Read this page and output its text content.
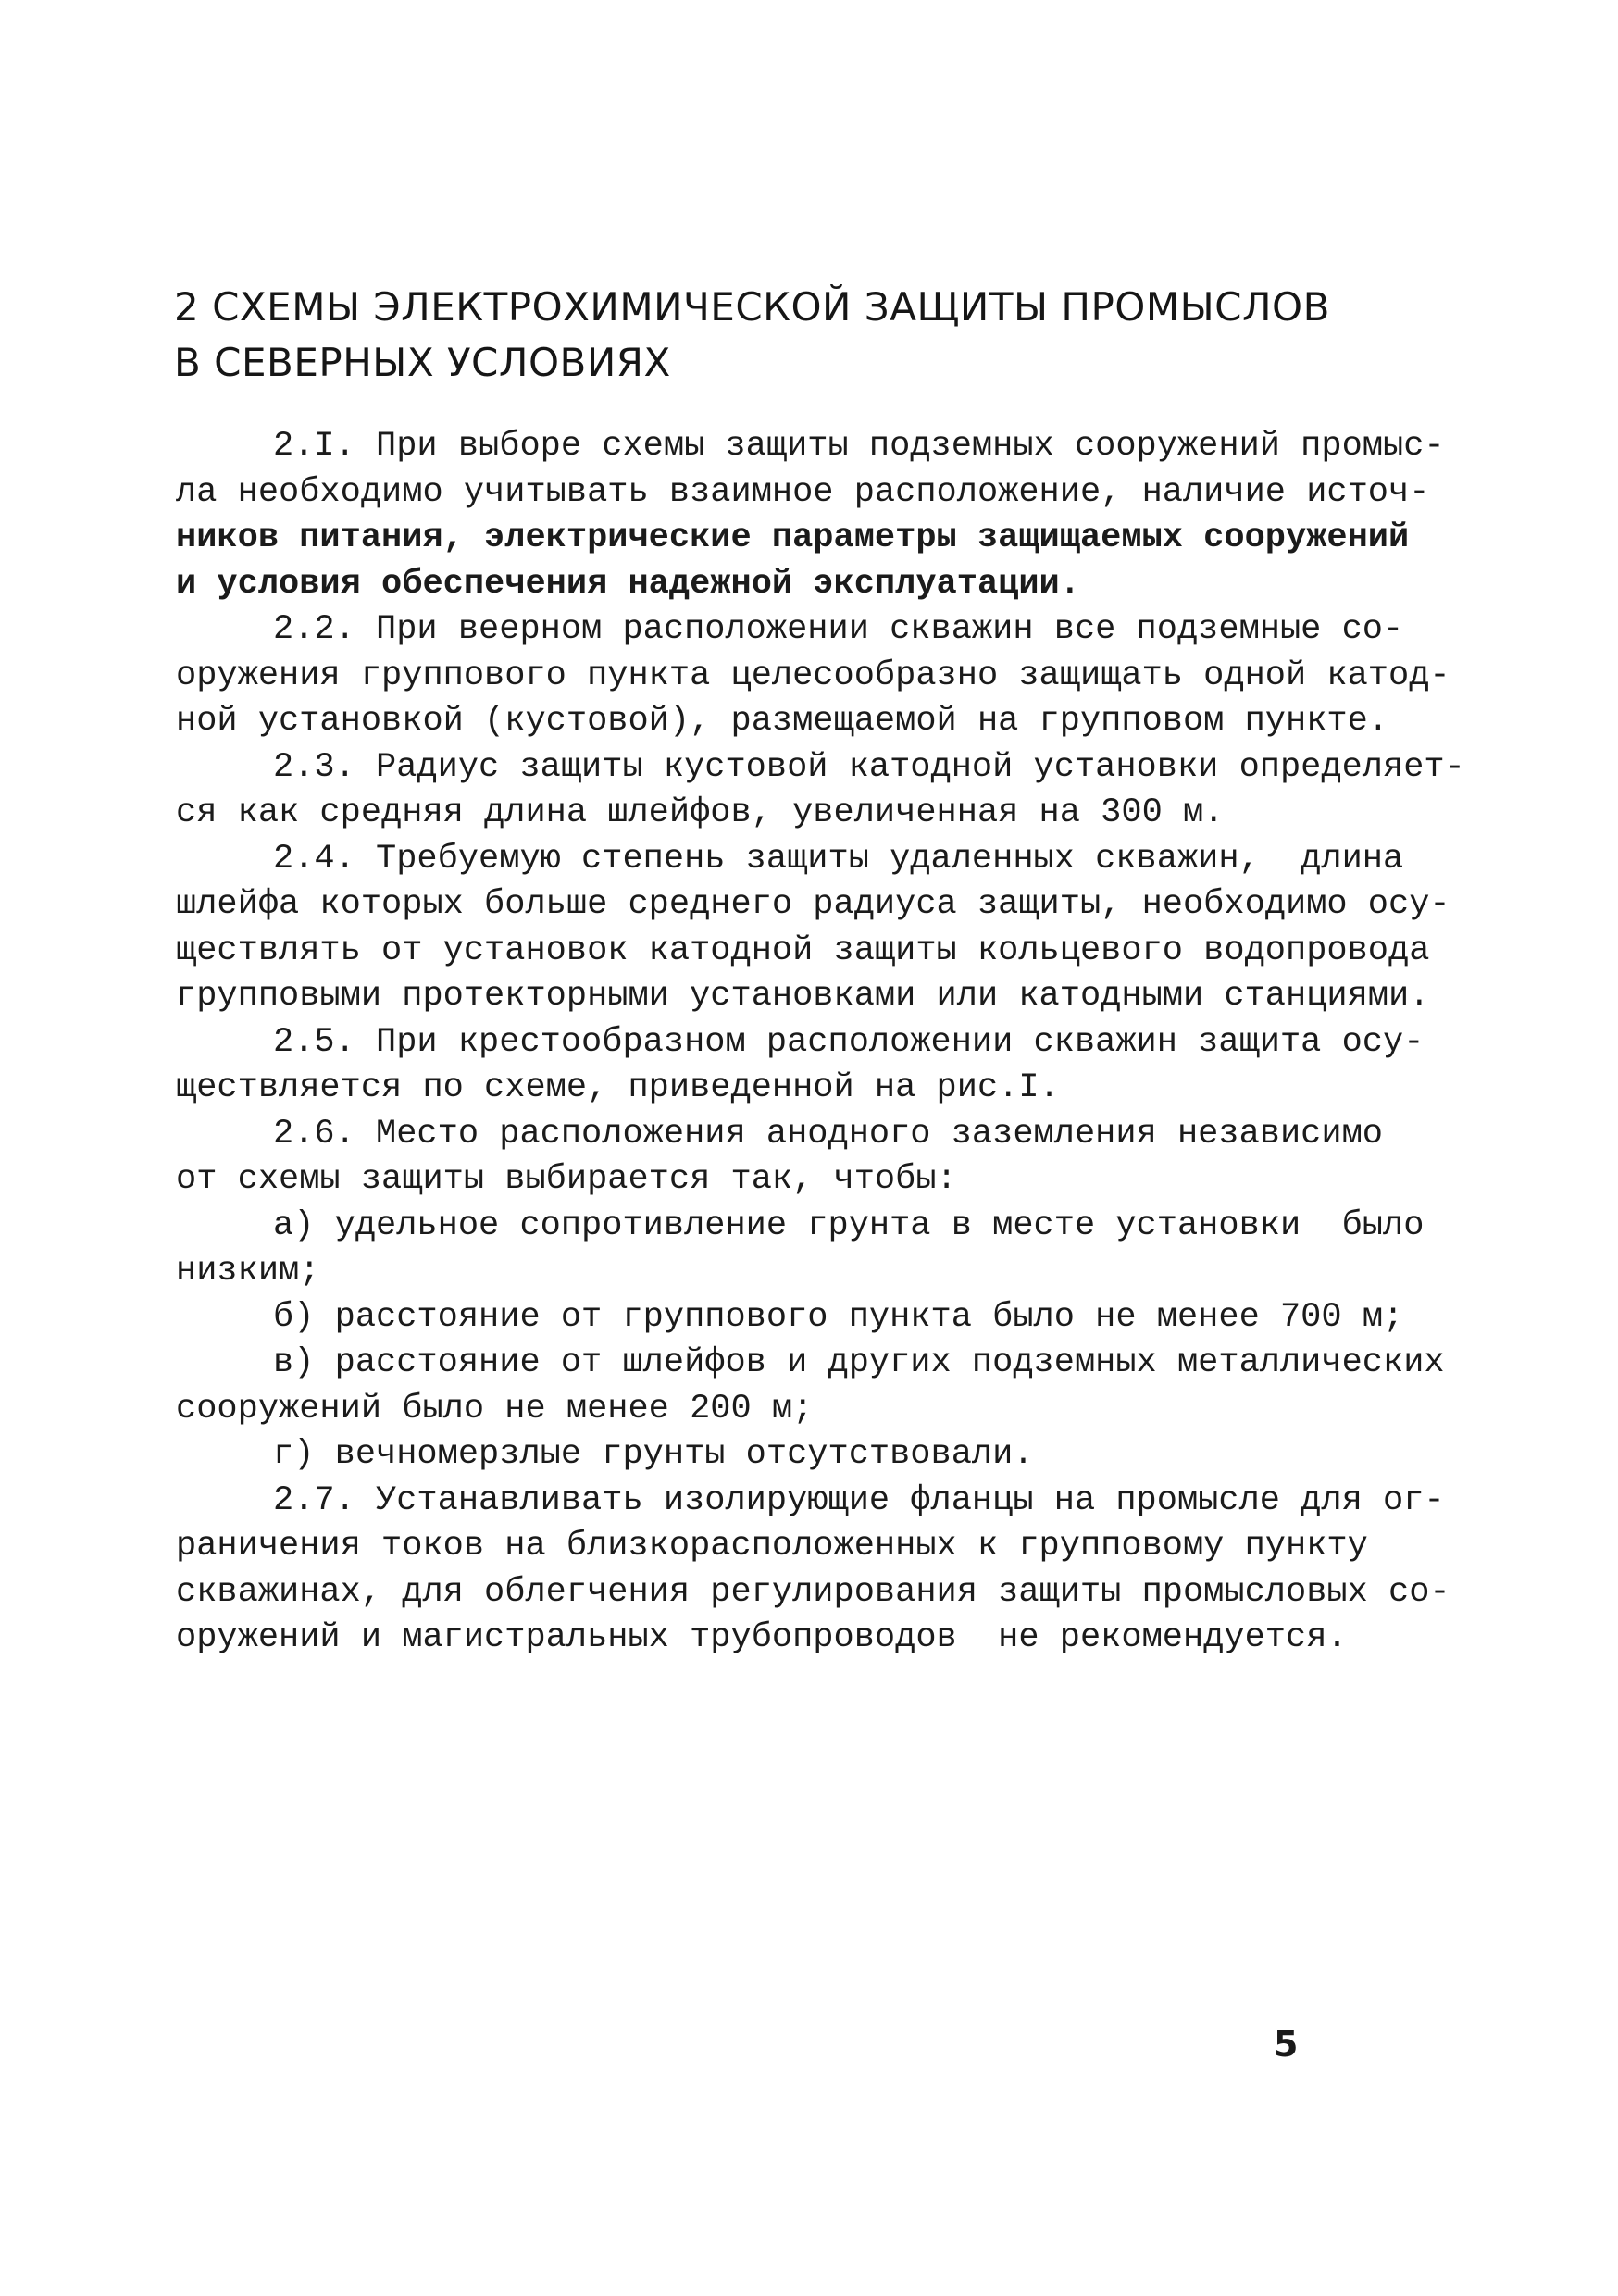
2 СХЕМЫ ЭЛЕКТРОХИМИЧЕСКОЙ ЗАЩИТЫ ПРОМЫСЛОВ
В СЕВЕРНЫХ УСЛОВИЯХ
2.I. При выборе схемы защиты подземных сооружений промыс-
ла необходимо учитывать взаимное расположение, наличие источ-
ников питания, электрические параметры защищаемых сооружений
и условия обеспечения надежной эксплуатации.
2.2. При веерном расположении скважин все подземные со-
оружения группового пункта целесообразно защищать одной катод-
ной установкой (кустовой), размещаемой на групповом пункте.
2.3. Радиус защиты кустовой катодной установки определяет-
ся как средняя длина шлейфов, увеличенная на 300 м.
2.4. Требуемую степень защиты удаленных скважин,  длина
шлейфа которых больше среднего радиуса защиты, необходимо осу-
ществлять от установок катодной защиты кольцевого водопровода
групповыми протекторными установками или катодными станциями.
2.5. При крестообразном расположении скважин защита осу-
ществляется по схеме, приведенной на рис.I.
2.6. Место расположения анодного заземления независимо
от схемы защиты выбирается так, чтобы:
а) удельное сопротивление грунта в месте установки  было
низким;
б) расстояние от группового пункта было не менее 700 м;
в) расстояние от шлейфов и других подземных металлических
сооружений было не менее 200 м;
г) вечномерзлые грунты отсутствовали.
2.7. Устанавливать изолирующие фланцы на промысле для ог-
раничения токов на близкорасположенных к групповому пункту
скважинах, для облегчения регулирования защиты промысловых со-
оружений и магистральных трубопроводов  не рекомендуется.
5
